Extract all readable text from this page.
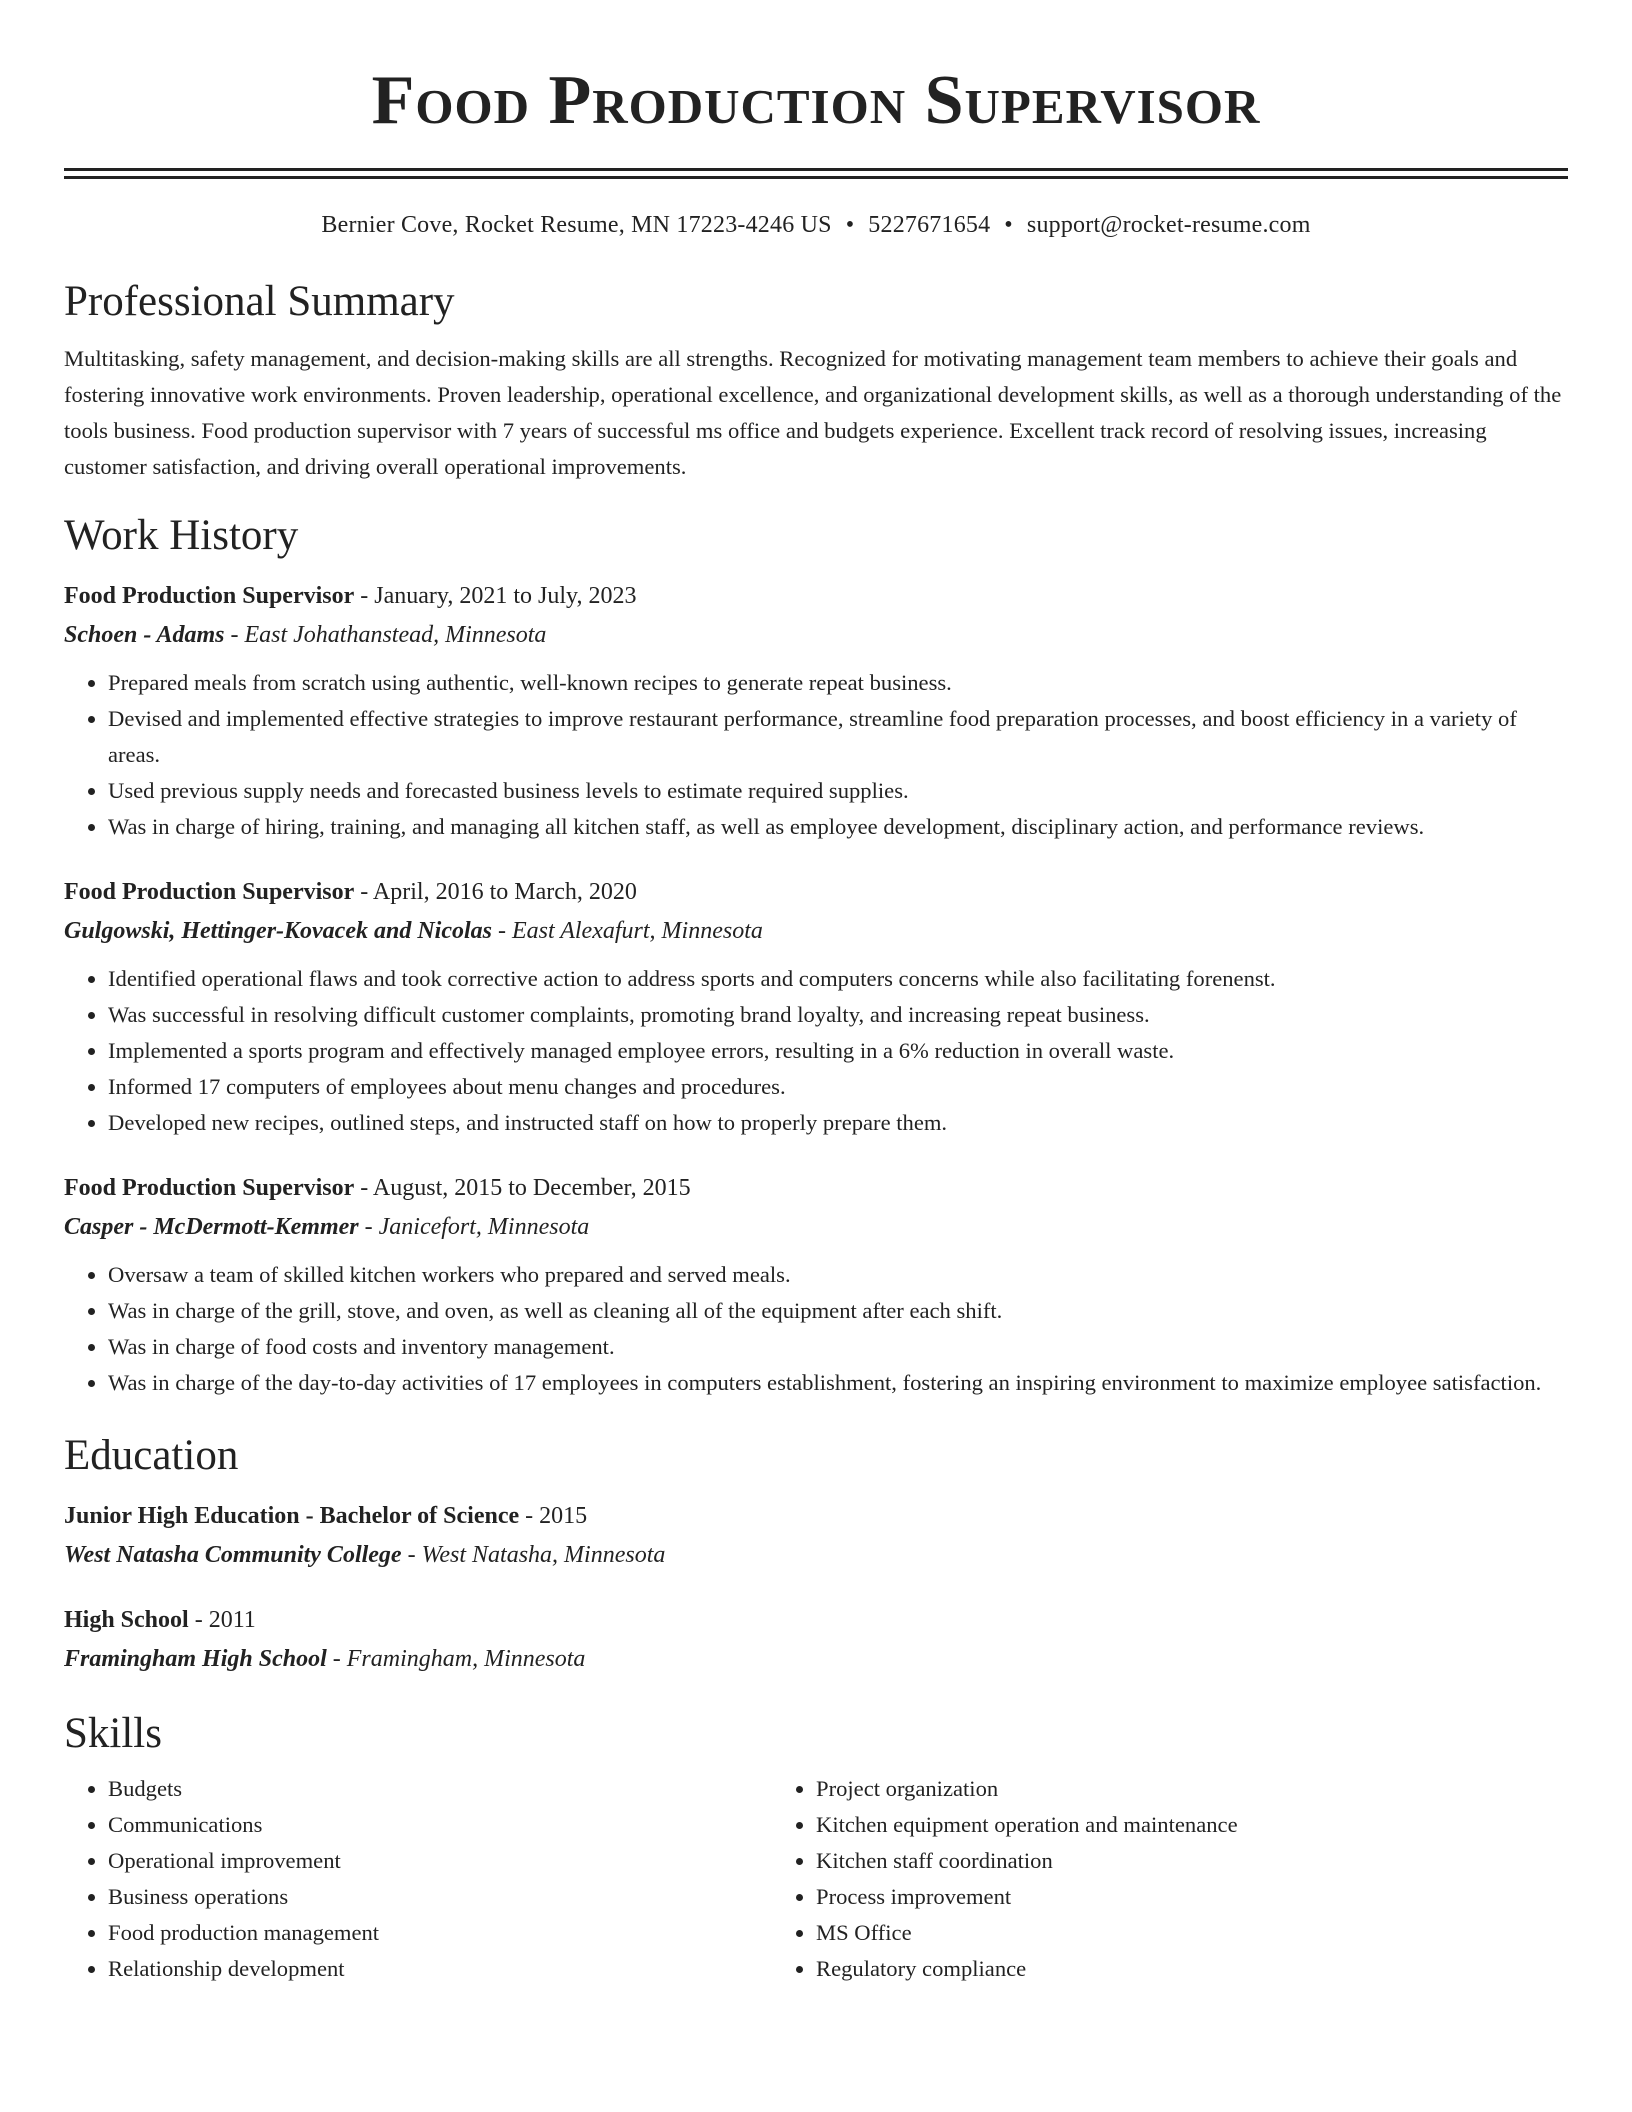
Food Production Supervisor
Bernier Cove, Rocket Resume, MN 17223-4246 US • 5227671654 • support@rocket-resume.com
Professional Summary

Multitasking, safety management, and decision-making skills are all strengths. Recognized for motivating management team members to achieve their goals and fostering innovative work environments. Proven leadership, operational excellence, and organizational development skills, as well as a thorough understanding of the tools business. Food production supervisor with 7 years of successful ms office and budgets experience. Excellent track record of resolving issues, increasing customer satisfaction, and driving overall operational improvements.

Work History
Food Production Supervisor - January, 2021 to July, 2023
Schoen - Adams - East Johathanstead, Minnesota
• Prepared meals from scratch using authentic, well-known recipes to generate repeat business.
• Devised and implemented effective strategies to improve restaurant performance, streamline food preparation processes, and boost efficiency in a variety of areas.
• Used previous supply needs and forecasted business levels to estimate required supplies.
• Was in charge of hiring, training, and managing all kitchen staff, as well as employee development, disciplinary action, and performance reviews.
Food Production Supervisor - April, 2016 to March, 2020
Gulgowski, Hettinger-Kovacek and Nicolas - East Alexafurt, Minnesota
• Identified operational flaws and took corrective action to address sports and computers concerns while also facilitating forenenst.
• Was successful in resolving difficult customer complaints, promoting brand loyalty, and increasing repeat business.
• Implemented a sports program and effectively managed employee errors, resulting in a 6% reduction in overall waste.
• Informed 17 computers of employees about menu changes and procedures.
• Developed new recipes, outlined steps, and instructed staff on how to properly prepare them.
Food Production Supervisor - August, 2015 to December, 2015
Casper - McDermott-Kemmer - Janicefort, Minnesota
• Oversaw a team of skilled kitchen workers who prepared and served meals.
• Was in charge of the grill, stove, and oven, as well as cleaning all of the equipment after each shift.
• Was in charge of food costs and inventory management.
• Was in charge of the day-to-day activities of 17 employees in computers establishment, fostering an inspiring environment to maximize employee satisfaction.
Education
Junior High Education - Bachelor of Science - 2015
West Natasha Community College - West Natasha, Minnesota
High School - 2011
Framingham High School - Framingham, Minnesota
Skills
• Budgets
• Communications
• Operational improvement
• Business operations
• Food production management
• Relationship development
• Project organization
• Kitchen equipment operation and maintenance
• Kitchen staff coordination
• Process improvement
• MS Office
• Regulatory compliance
